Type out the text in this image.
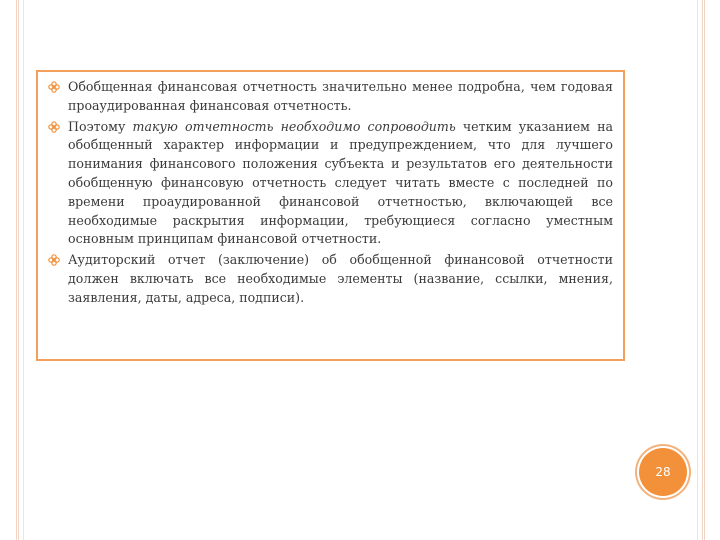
Обобщенная финансовая отчетность значительно менее подробна, чем годовая проаудированная финансовая отчетность.
Поэтому такую отчетность необходимо сопроводить четким указанием на обобщенный характер информации и предупреждением, что для лучшего понимания финансового положения субъекта и результатов его деятельности обобщенную финансовую отчетность следует читать вместе с последней по времени проаудированной финансовой отчетностью, включающей все необходимые раскрытия информации, требующиеся согласно уместным основным принципам финансовой отчетности.
Аудиторский отчет (заключение) об обобщенной финансовой отчетности должен включать все необходимые элементы (название, ссылки, мнения, заявления, даты, адреса, подписи).
28
